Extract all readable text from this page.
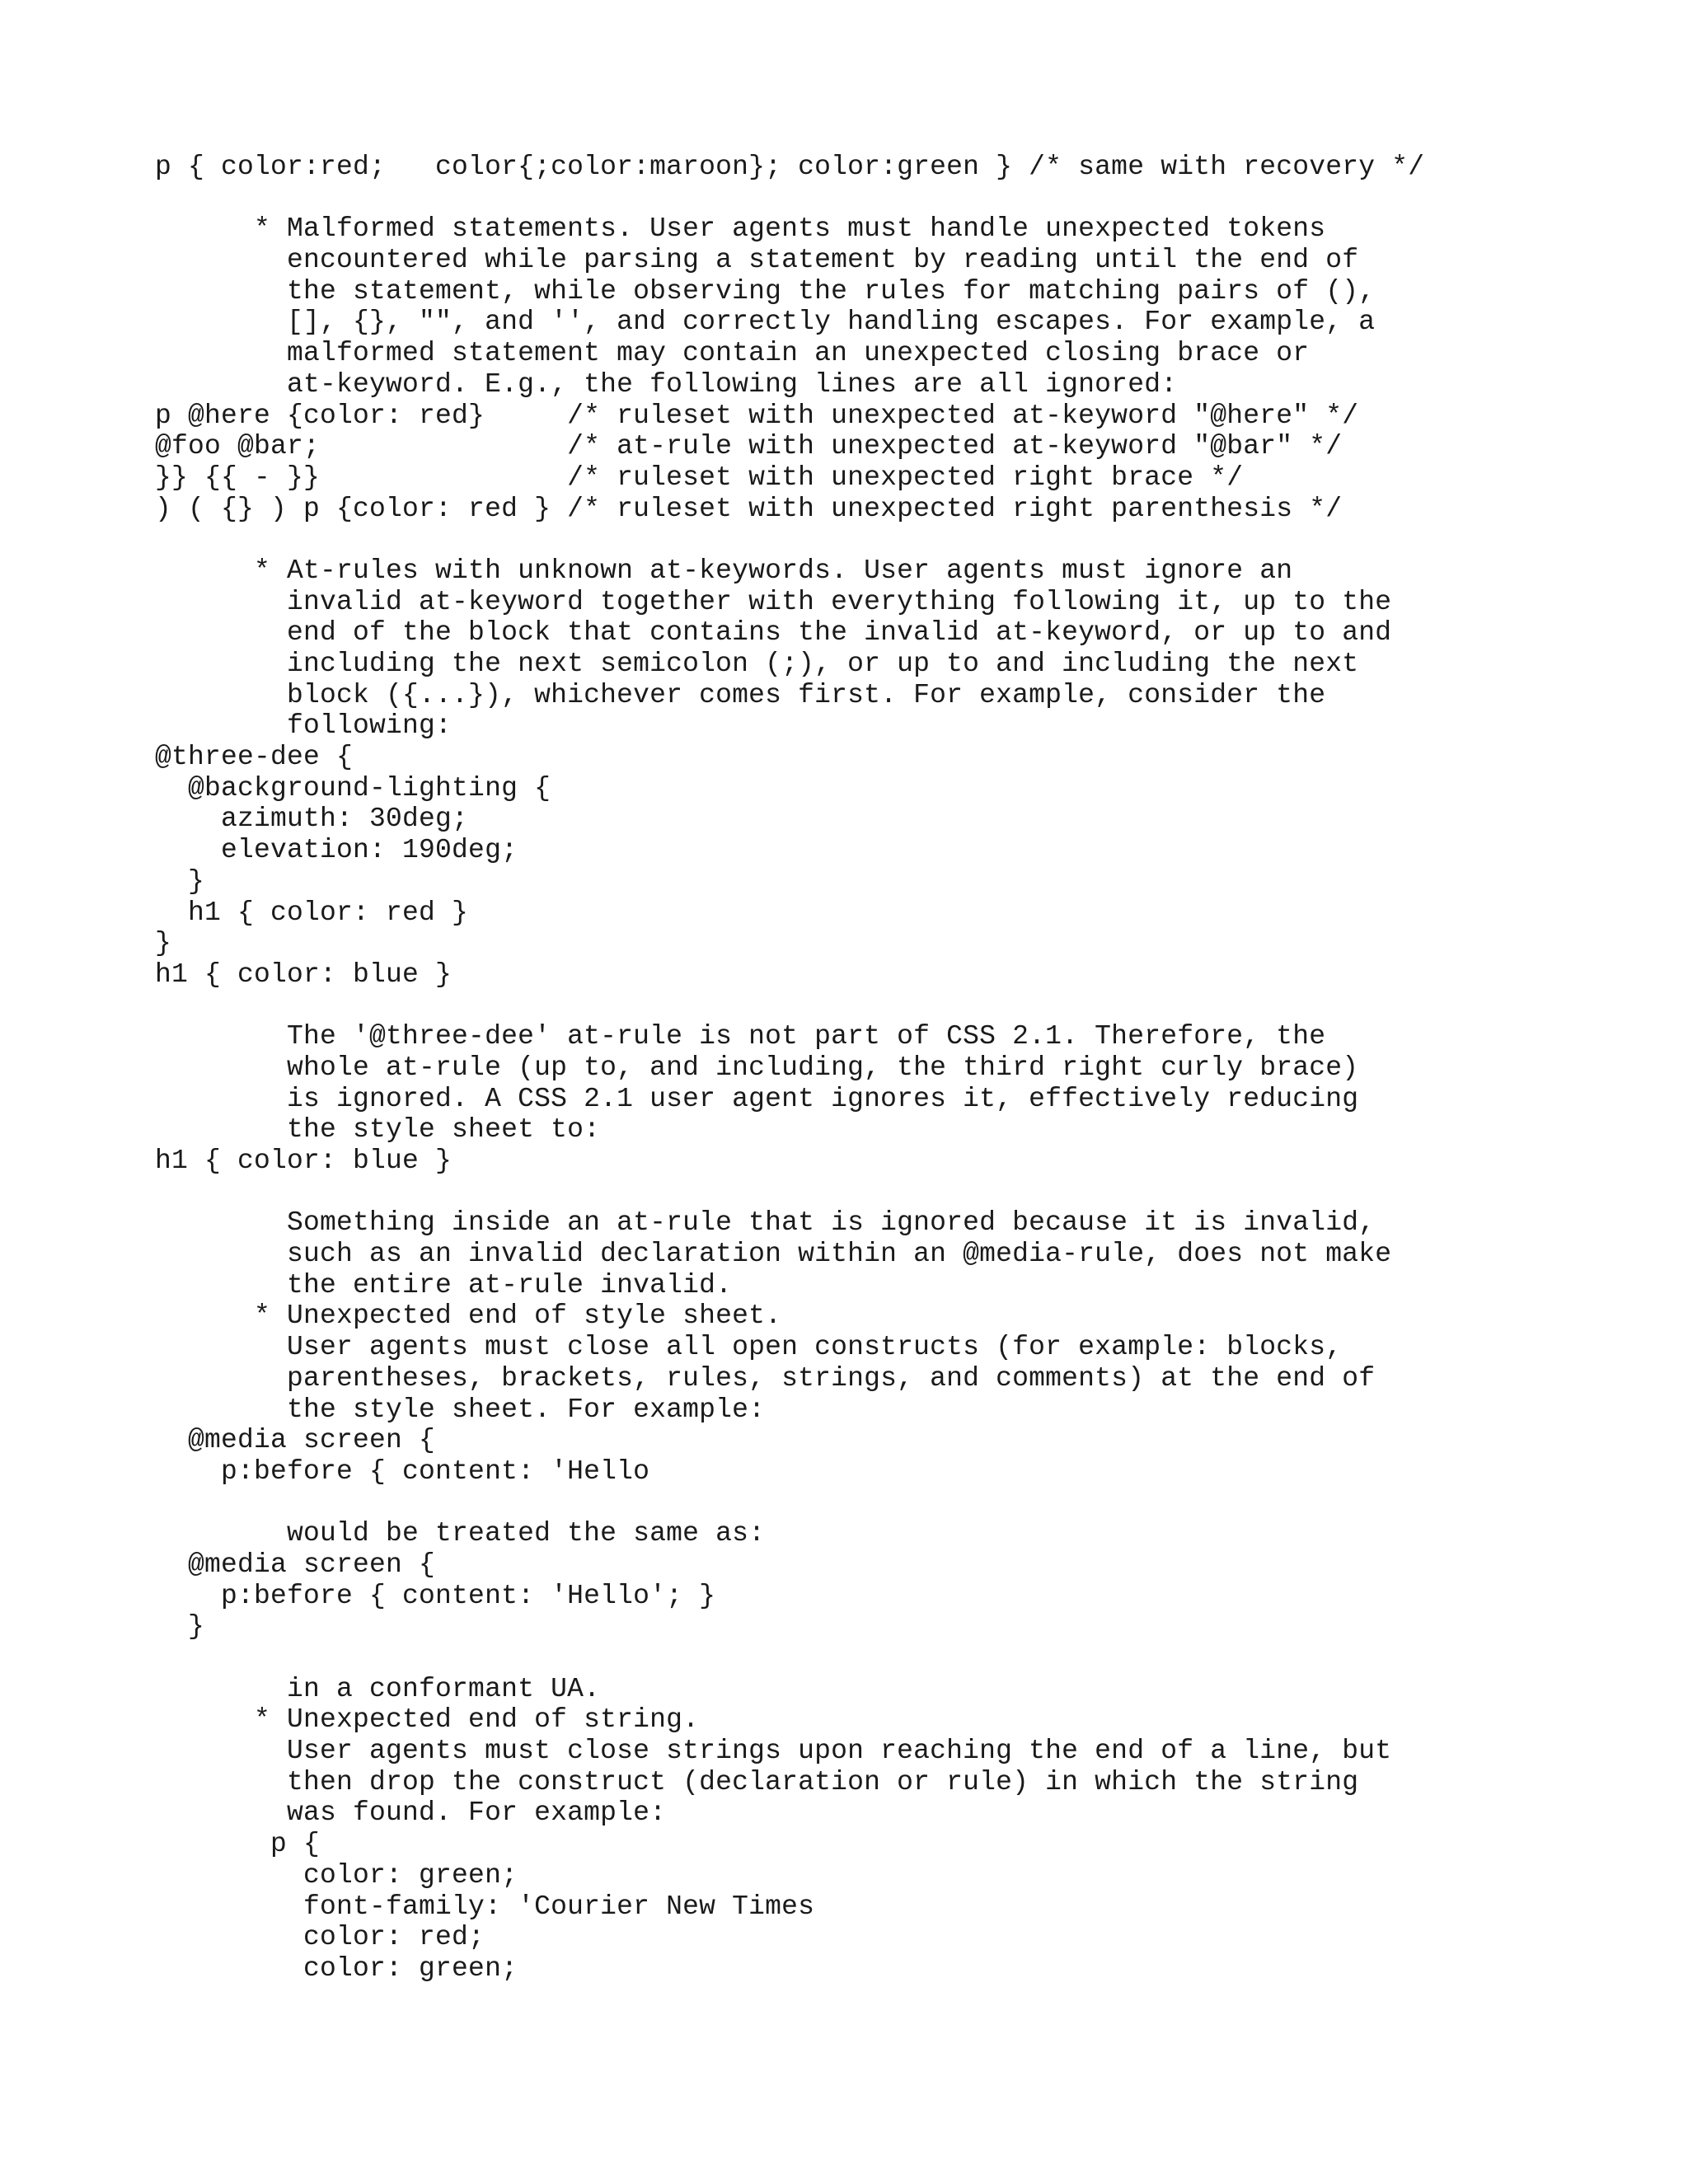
p { color:red;   color{;color:maroon}; color:green } /* same with recovery */
* Malformed statements. User agents must handle unexpected tokens
encountered while parsing a statement by reading until the end of
the statement, while observing the rules for matching pairs of (),
[], {}, "", and '', and correctly handling escapes. For example, a
malformed statement may contain an unexpected closing brace or
at-keyword. E.g., the following lines are all ignored:
p @here {color: red}     /* ruleset with unexpected at-keyword "@here" */
@foo @bar;               /* at-rule with unexpected at-keyword "@bar" */
}} {{ - }}               /* ruleset with unexpected right brace */
) ( {} ) p {color: red } /* ruleset with unexpected right parenthesis */
* At-rules with unknown at-keywords. User agents must ignore an
invalid at-keyword together with everything following it, up to the
end of the block that contains the invalid at-keyword, or up to and
including the next semicolon (;), or up to and including the next
block ({...}), whichever comes first. For example, consider the
following:
@three-dee {
@background-lighting {
azimuth: 30deg;
elevation: 190deg;
}
h1 { color: red }
}
h1 { color: blue }
The '@three-dee' at-rule is not part of CSS 2.1. Therefore, the
whole at-rule (up to, and including, the third right curly brace)
is ignored. A CSS 2.1 user agent ignores it, effectively reducing
the style sheet to:
h1 { color: blue }
Something inside an at-rule that is ignored because it is invalid,
such as an invalid declaration within an @media-rule, does not make
the entire at-rule invalid.
* Unexpected end of style sheet.
User agents must close all open constructs (for example: blocks,
parentheses, brackets, rules, strings, and comments) at the end of
the style sheet. For example:
@media screen {
p:before { content: 'Hello
would be treated the same as:
@media screen {
p:before { content: 'Hello'; }
}
in a conformant UA.
* Unexpected end of string.
User agents must close strings upon reaching the end of a line, but
then drop the construct (declaration or rule) in which the string
was found. For example:
p {
color: green;
font-family: 'Courier New Times
color: red;
color: green;
